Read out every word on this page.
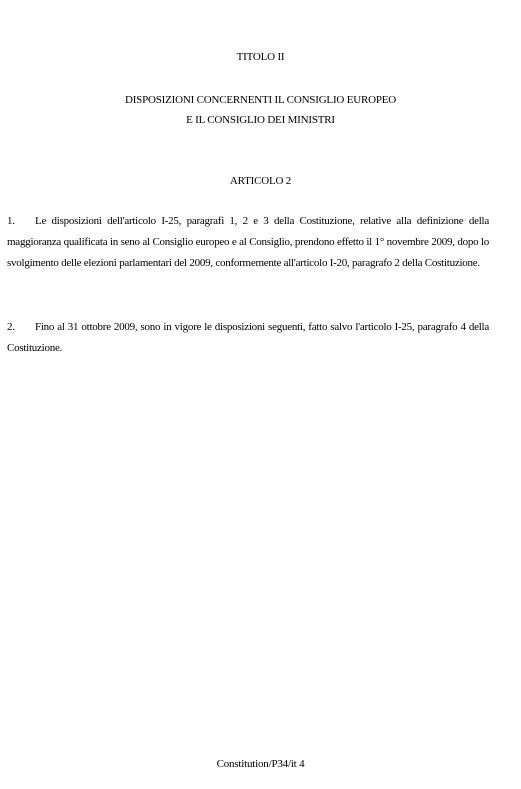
TITOLO II
DISPOSIZIONI CONCERNENTI IL CONSIGLIO EUROPEO
E IL CONSIGLIO DEI MINISTRI
ARTICOLO 2
1. Le disposizioni dell'articolo I-25, paragrafi 1, 2 e 3 della Costituzione, relative alla definizione della maggioranza qualificata in seno al Consiglio europeo e al Consiglio, prendono effetto il 1° novembre 2009, dopo lo svolgimento delle elezioni parlamentari del 2009, conformemente all'articolo I-20, paragrafo 2 della Costituzione.
2. Fino al 31 ottobre 2009, sono in vigore le disposizioni seguenti, fatto salvo l'articolo I-25, paragrafo 4 della Costituzione.
Constitution/P34/it 4
